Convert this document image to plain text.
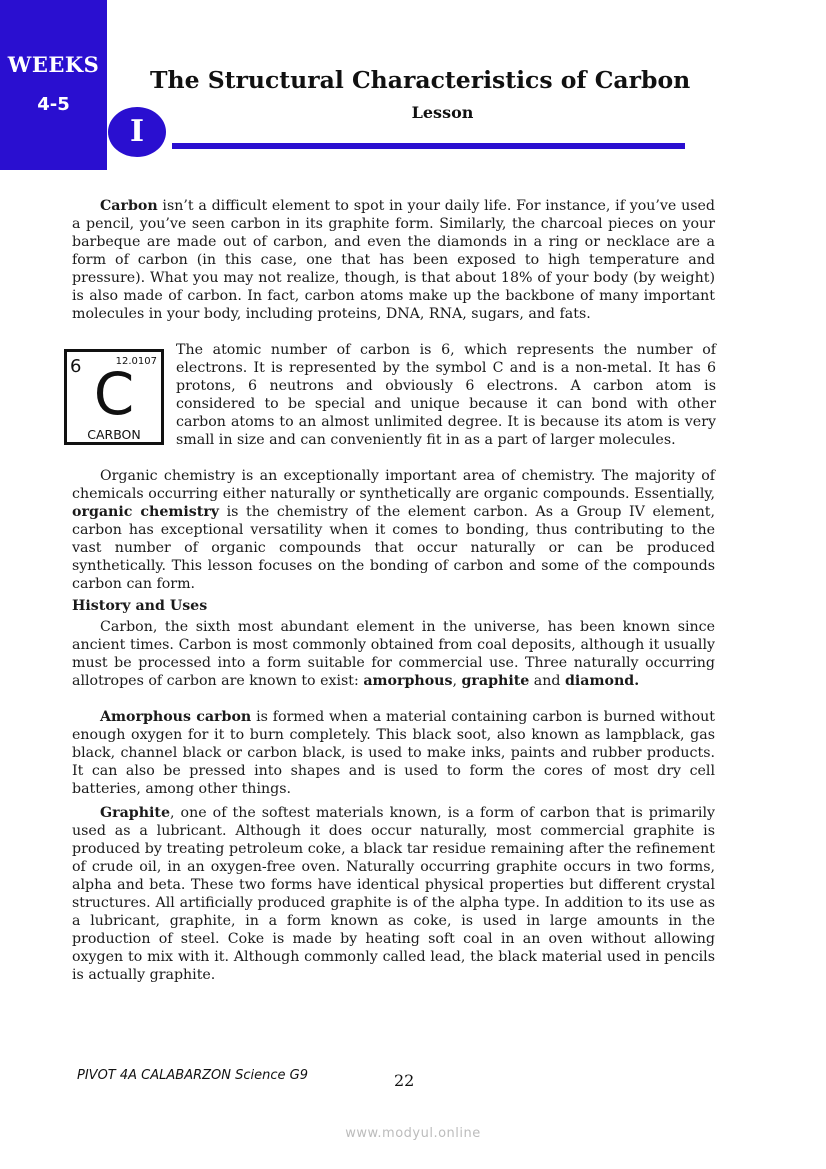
WEEKS
4-5
The Structural Characteristics of Carbon
Lesson
I

Carbon isn’t a difficult element to spot in your daily life. For instance, if you’ve used a pencil, you’ve seen carbon in its graphite form. Similarly, the charcoal pieces on your barbeque are made out of carbon, and even the diamonds in a ring or necklace are a form of carbon (in this case, one that has been exposed to high temperature and pressure). What you may not realize, though, is that about 18% of your body (by weight) is also made of carbon. In fact, carbon atoms make up the backbone of many important molecules in your body, including proteins, DNA, RNA, sugars, and fats.

6	12.0107
C
CARBON

The atomic number of carbon is 6, which represents the number of electrons. It is represented by the symbol C and is a non-metal. It has 6 protons, 6 neutrons and obviously 6 electrons. A carbon atom is considered to be special and unique because it can bond with other carbon atoms to an almost unlimited degree. It is because its atom is very small in size and can conveniently fit in as a part of larger molecules.

Organic chemistry is an exceptionally important area of chemistry. The majority of chemicals occurring either naturally or synthetically are organic compounds. Essentially, organic chemistry is the chemistry of the element carbon. As a Group IV element, carbon has exceptional versatility when it comes to bonding, thus contributing to the vast number of organic compounds that occur naturally or can be produced synthetically. This lesson focuses on the bonding of carbon and some of the compounds carbon can form.

History and Uses

Carbon, the sixth most abundant element in the universe, has been known since ancient times. Carbon is most commonly obtained from coal deposits, although it usually must be processed into a form suitable for commercial use. Three naturally occurring allotropes of carbon are known to exist: amorphous, graphite and diamond.

Amorphous carbon is formed when a material containing carbon is burned without enough oxygen for it to burn completely. This black soot, also known as lampblack, gas black, channel black or carbon black, is used to make inks, paints and rubber products. It can also be pressed into shapes and is used to form the cores of most dry cell batteries, among other things.

Graphite, one of the softest materials known, is a form of carbon that is primarily used as a lubricant. Although it does occur naturally, most commercial graphite is produced by treating petroleum coke, a black tar residue remaining after the refinement of crude oil, in an oxygen-free oven. Naturally occurring graphite occurs in two forms, alpha and beta. These two forms have identical physical properties but different crystal structures. All artificially produced graphite is of the alpha type. In addition to its use as a lubricant, graphite, in a form known as coke, is used in large amounts in the production of steel. Coke is made by heating soft coal in an oven without allowing oxygen to mix with it. Although commonly called lead, the black material used in pencils is actually graphite.

PIVOT 4A CALABARZON Science G9	22
www.modyul.online
